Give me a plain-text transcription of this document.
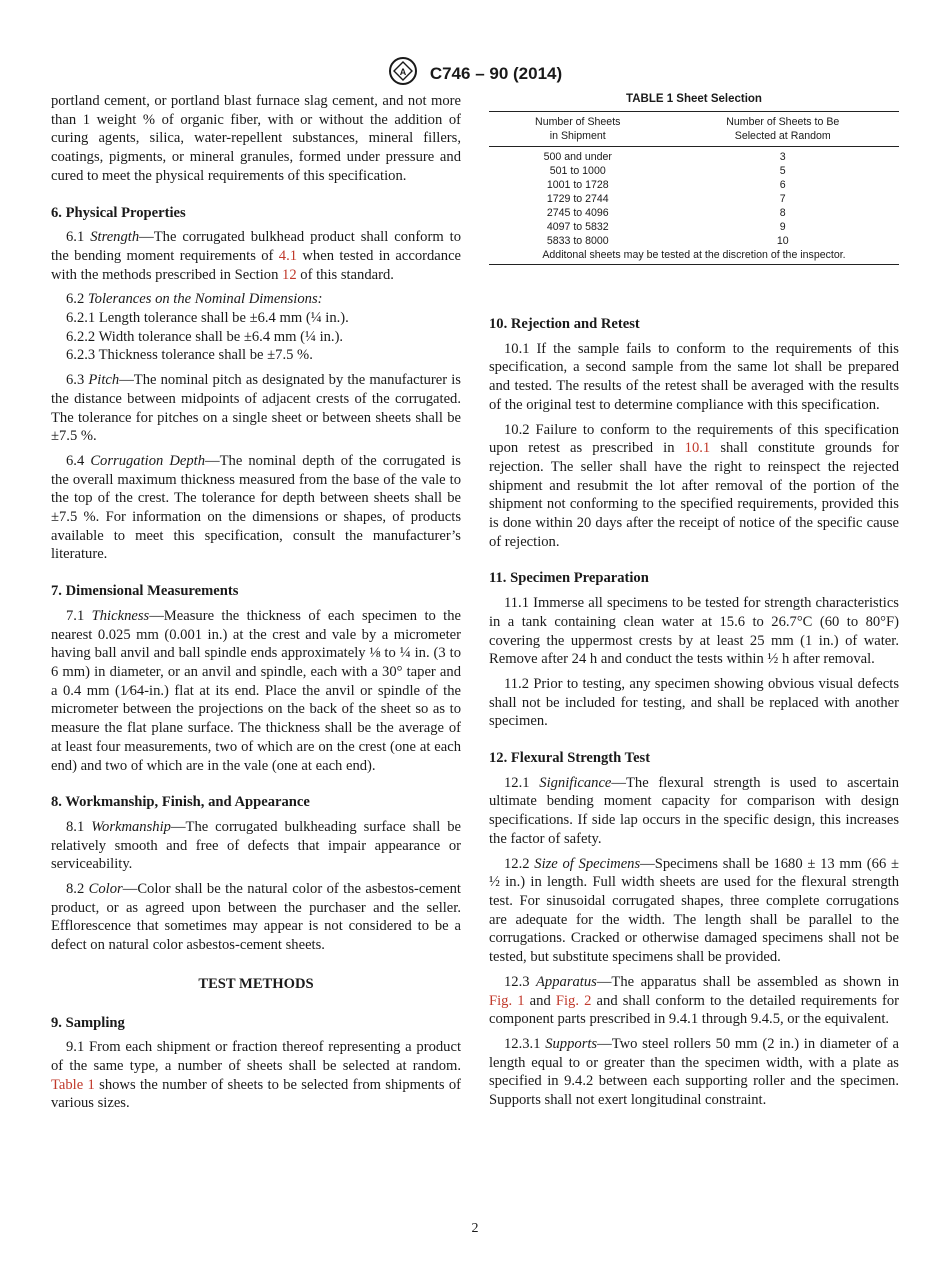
A C746 – 90 (2014)

portland cement, or portland blast furnace slag cement, and not more than 1 weight % of organic fiber, with or without the addition of curing agents, silica, water-repellent substances, mineral fillers, coatings, pigments, or mineral granules, formed under pressure and cured to meet the physical requirements of this specification.

6. Physical Properties

6.1 Strength—The corrugated bulkhead product shall conform to the bending moment requirements of 4.1 when tested in accordance with the methods prescribed in Section 12 of this standard.

6.2 Tolerances on the Nominal Dimensions:

6.2.1 Length tolerance shall be ±6.4 mm (¼ in.).

6.2.2 Width tolerance shall be ±6.4 mm (¼ in.).

6.2.3 Thickness tolerance shall be ±7.5 %.

6.3 Pitch—The nominal pitch as designated by the manufacturer is the distance between midpoints of adjacent crests of the corrugated. The tolerance for pitches on a single sheet or between sheets shall be ±7.5 %.

6.4 Corrugation Depth—The nominal depth of the corrugated is the overall maximum thickness measured from the base of the vale to the top of the crest. The tolerance for depth between sheets shall be ±7.5 %. For information on the dimensions or shapes, of products available to meet this specification, consult the manufacturer’s literature.

7. Dimensional Measurements

7.1 Thickness—Measure the thickness of each specimen to the nearest 0.025 mm (0.001 in.) at the crest and vale by a micrometer having ball anvil and ball spindle ends approximately ⅛ to ¼ in. (3 to 6 mm) in diameter, or an anvil and spindle, each with a 30° taper and a 0.4 mm (1⁄64-in.) flat at its end. Place the anvil or spindle of the micrometer between the projections on the back of the sheet so as to measure the flat plane surface. The thickness shall be the average of at least four measurements, two of which are on the crest (one at each end) and two of which are in the vale (one at each end).

8. Workmanship, Finish, and Appearance

8.1 Workmanship—The corrugated bulkheading surface shall be relatively smooth and free of defects that impair appearance or serviceability.

8.2 Color—Color shall be the natural color of the asbestos-cement product, or as agreed upon between the purchaser and the seller. Efflorescence that sometimes may appear is not considered to be a defect on natural color asbestos-cement sheets.

TEST METHODS
9. Sampling

9.1 From each shipment or fraction thereof representing a product of the same type, a number of sheets shall be selected at random. Table 1 shows the number of sheets to be selected from shipments of various sizes.

TABLE 1 Sheet Selection
Number of Sheets
in Shipment	Number of Sheets to Be
Selected at Random
500 and under	3
501 to 1000	5
1001 to 1728	6
1729 to 2744	7
2745 to 4096	8
4097 to 5832	9
5833 to 8000	10
Additonal sheets may be tested at the discretion of the inspector.	
10. Rejection and Retest

10.1 If the sample fails to conform to the requirements of this specification, a second sample from the same lot shall be prepared and tested. The results of the retest shall be averaged with the results of the original test to determine compliance with this specification.

10.2 Failure to conform to the requirements of this specification upon retest as prescribed in 10.1 shall constitute grounds for rejection. The seller shall have the right to reinspect the rejected shipment and resubmit the lot after removal of the portion of the shipment not conforming to the specified requirements, provided this is done within 20 days after the receipt of notice of the specific cause of rejection.

11. Specimen Preparation

11.1 Immerse all specimens to be tested for strength characteristics in a tank containing clean water at 15.6 to 26.7°C (60 to 80°F) covering the uppermost crests by at least 25 mm (1 in.) of water. Remove after 24 h and conduct the tests within ½ h after removal.

11.2 Prior to testing, any specimen showing obvious visual defects shall not be included for testing, and shall be replaced with another specimen.

12. Flexural Strength Test

12.1 Significance—The flexural strength is used to ascertain ultimate bending moment capacity for comparison with design specifications. If side lap occurs in the specific design, this increases the factor of safety.

12.2 Size of Specimens—Specimens shall be 1680 ± 13 mm (66 ± ½ in.) in length. Full width sheets are used for the flexural strength test. For sinusoidal corrugated shapes, three complete corrugations are adequate for the width. The length shall be parallel to the corrugations. Cracked or otherwise damaged specimens shall not be tested, but substitute specimens shall be provided.

12.3 Apparatus—The apparatus shall be assembled as shown in Fig. 1 and Fig. 2 and shall conform to the detailed requirements for component parts prescribed in 9.4.1 through 9.4.5, or the equivalent.

12.3.1 Supports—Two steel rollers 50 mm (2 in.) in diameter of a length equal to or greater than the specimen width, with a plate as specified in 9.4.2 between each supporting roller and the specimen. Supports shall not exert longitudinal constraint.

2
